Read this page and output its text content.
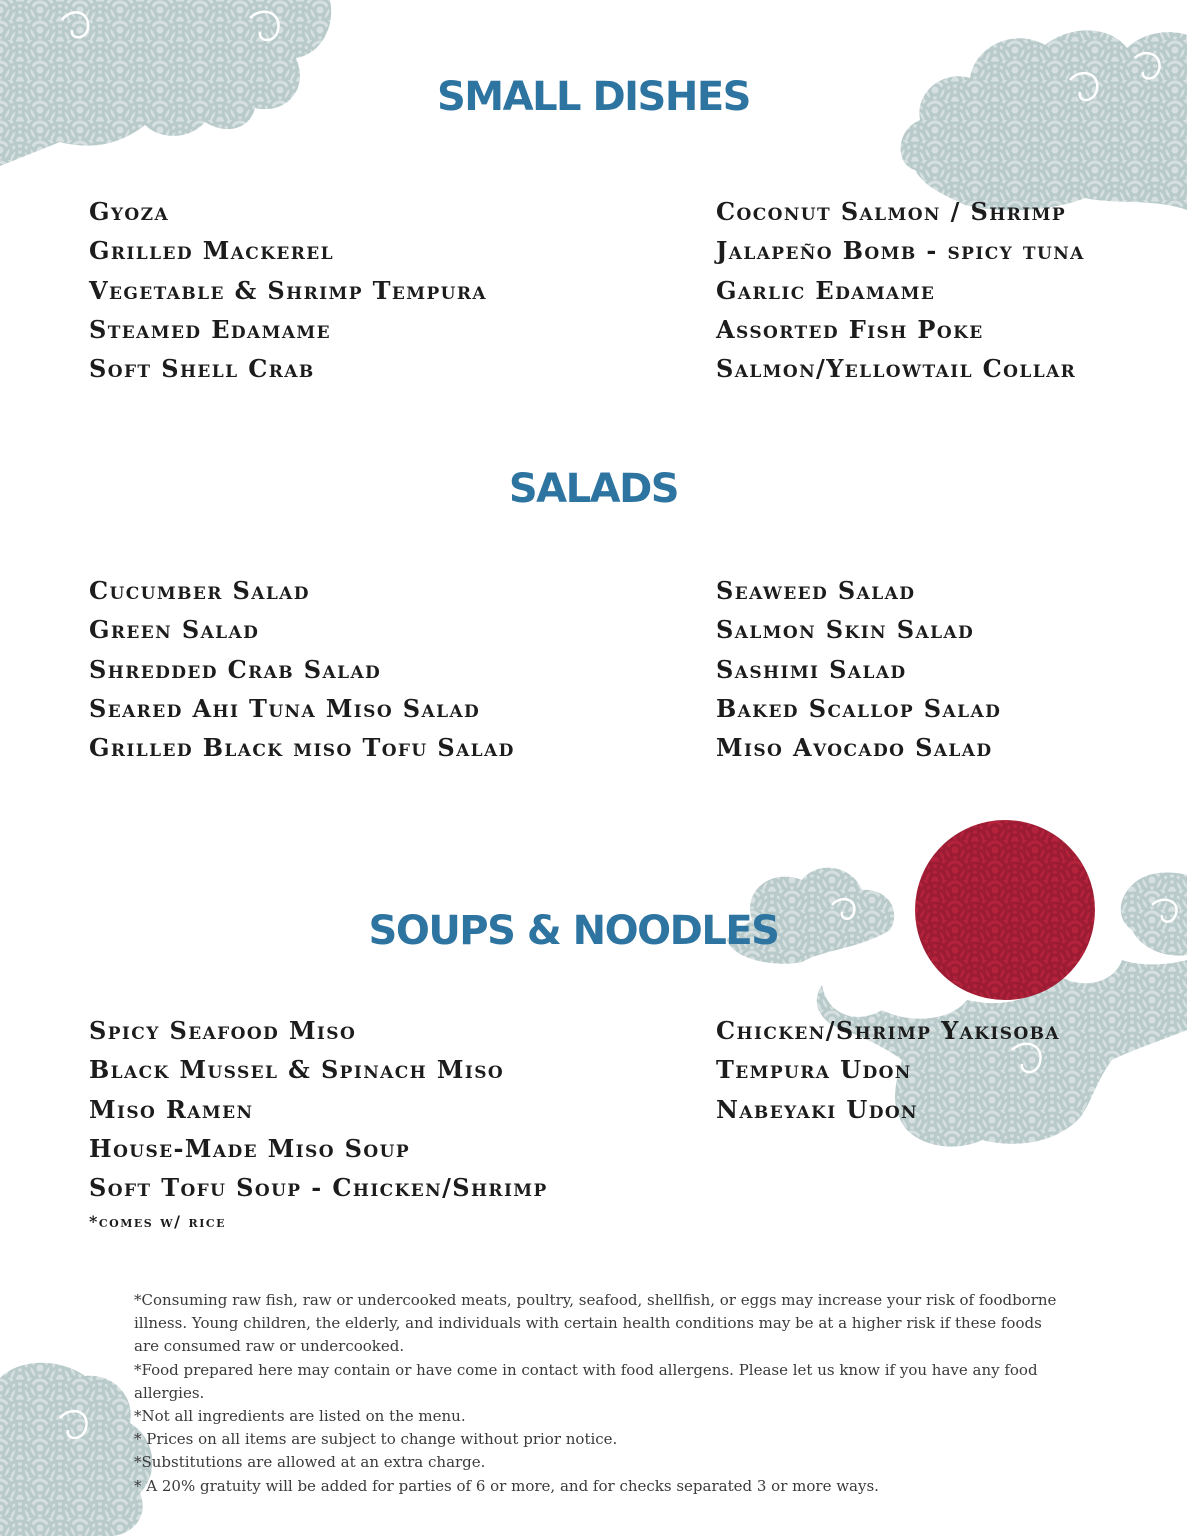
SMALL DISHES
Gyoza
Grilled Mackerel
Vegetable & Shrimp Tempura
Steamed Edamame
Soft Shell Crab
Coconut Salmon / Shrimp
Jalapeño Bomb - spicy tuna
Garlic Edamame
Assorted Fish Poke
Salmon/Yellowtail Collar
SALADS
Cucumber Salad
Green Salad
Shredded Crab Salad
Seared Ahi Tuna Miso Salad
Grilled Black miso Tofu Salad
Seaweed Salad
Salmon Skin Salad
Sashimi Salad
Baked Scallop Salad
Miso Avocado Salad
SOUPS & NOODLES
Spicy Seafood Miso
Black Mussel & Spinach Miso
Miso Ramen
House-Made Miso Soup
Soft Tofu Soup - Chicken/Shrimp
Chicken/Shrimp Yakisoba
Tempura Udon
Nabeyaki Udon
*comes w/ rice

*Consuming raw fish, raw or undercooked meats, poultry, seafood, shellfish, or eggs may increase your risk of foodborne illness. Young children, the elderly, and individuals with certain health conditions may be at a higher risk if these foods are consumed raw or undercooked.

*Food prepared here may contain or have come in contact with food allergens. Please let us know if you have any food allergies.

*Not all ingredients are listed on the menu.

* Prices on all items are subject to change without prior notice.

*Substitutions are allowed at an extra charge.

* A 20% gratuity will be added for parties of 6 or more, and for checks separated 3 or more ways.
